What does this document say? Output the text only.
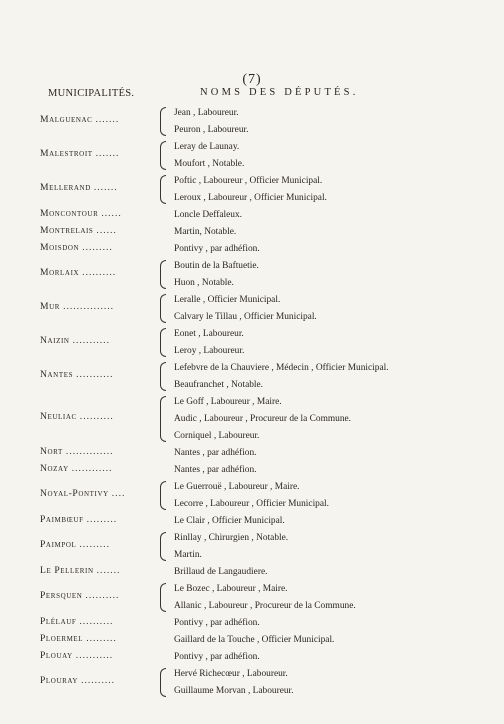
(7)
MUNICIPALITÉS.	NOMS DES DÉPUTÉS.
Malguenac .......
Jean , Laboureur.
Peuron , Laboureur.
Malestroit .......
Leray de Launay.
Moufort , Notable.
Mellerand .......
Poftic , Laboureur , Officier Municipal.
Leroux , Laboureur , Officier Municipal.
Moncontour ......	Loncle Deffaleux.
Montrelais ......	Martin, Notable.
Moisdon .........	Pontivy , par adhéfion.
Morlaix ..........
Boutin de la Baftuetie.
Huon , Notable.
Mur ...............
Leralle , Officier Municipal.
Calvary le Tillau , Officier Municipal.
Naizin ...........
Eonet , Laboureur.
Leroy , Laboureur.
Nantes ...........
Lefebvre de la Chauviere , Médecin , Officier Municipal.
Beaufranchet , Notable.
Neuliac ..........
Le Goff , Laboureur , Maire.
Audic , Laboureur , Procureur de la Commune.
Corniquel , Laboureur.
Nort ..............	Nantes , par adhéfion.
Nozay ............	Nantes , par adhéfion.
Noyal-Pontivy ....
Le Guerrouë , Laboureur , Maire.
Lecorre , Laboureur , Officier Municipal.
Paimbœuf .........	Le Clair , Officier Municipal.
Paimpol .........
Rinllay , Chirurgien , Notable.
Martin.
Le Pellerin .......	Brillaud de Langaudiere.
Persquen ..........
Le Bozec , Laboureur , Maire.
Allanic , Laboureur , Procureur de la Commune.
Plélauf ..........	Pontivy , par adhéfion.
Ploermel .........	Gaillard de la Touche , Officier Municipal.
Plouay ...........	Pontivy , par adhéfion.
Plouray ..........
Hervé Richecœur , Laboureur.
Guillaume Morvan , Laboureur.
